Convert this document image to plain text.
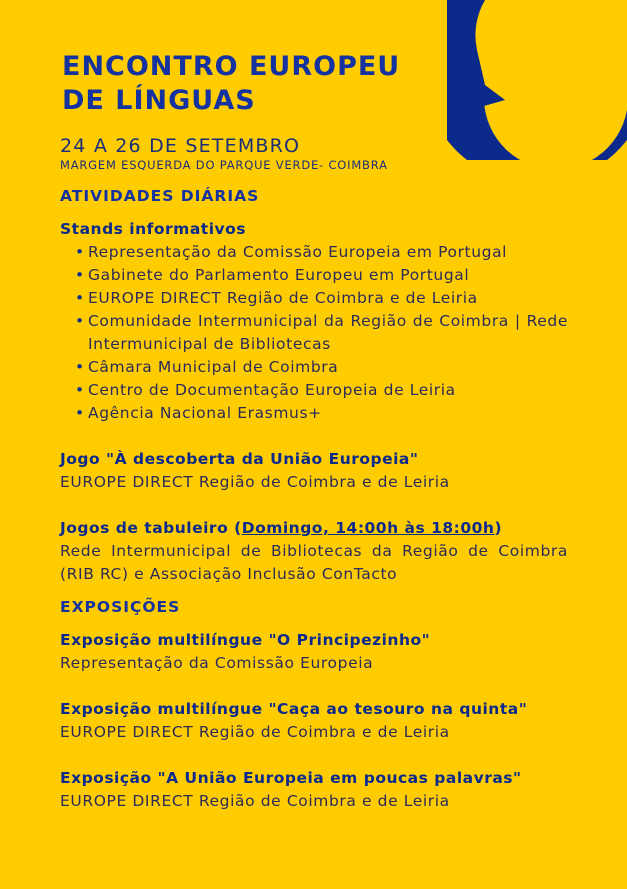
ENCONTRO EUROPEU
DE LÍNGUAS

24 A 26 DE SETEMBRO

MARGEM ESQUERDA DO PARQUE VERDE- COIMBRA

ATIVIDADES DIÁRIAS

Stands informativos

• Representação da Comissão Europeia em Portugal
• Gabinete do Parlamento Europeu em Portugal
• EUROPE DIRECT Região de Coimbra e de Leiria
• Comunidade Intermunicipal da Região de Coimbra | Rede Intermunicipal de Bibliotecas
• Câmara Municipal de Coimbra
• Centro de Documentação Europeia de Leiria
• Agência Nacional Erasmus+

Jogo "À descoberta da União Europeia"

EUROPE DIRECT Região de Coimbra e de Leiria

Jogos de tabuleiro (Domingo, 14:00h às 18:00h)

Rede Intermunicipal de Bibliotecas da Região de Coimbra (RIB RC) e Associação Inclusão ConTacto

EXPOSIÇÕES

Exposição multilíngue "O Principezinho"

Representação da Comissão Europeia

Exposição multilíngue "Caça ao tesouro na quinta"

EUROPE DIRECT Região de Coimbra e de Leiria

Exposição "A União Europeia em poucas palavras"

EUROPE DIRECT Região de Coimbra e de Leiria
